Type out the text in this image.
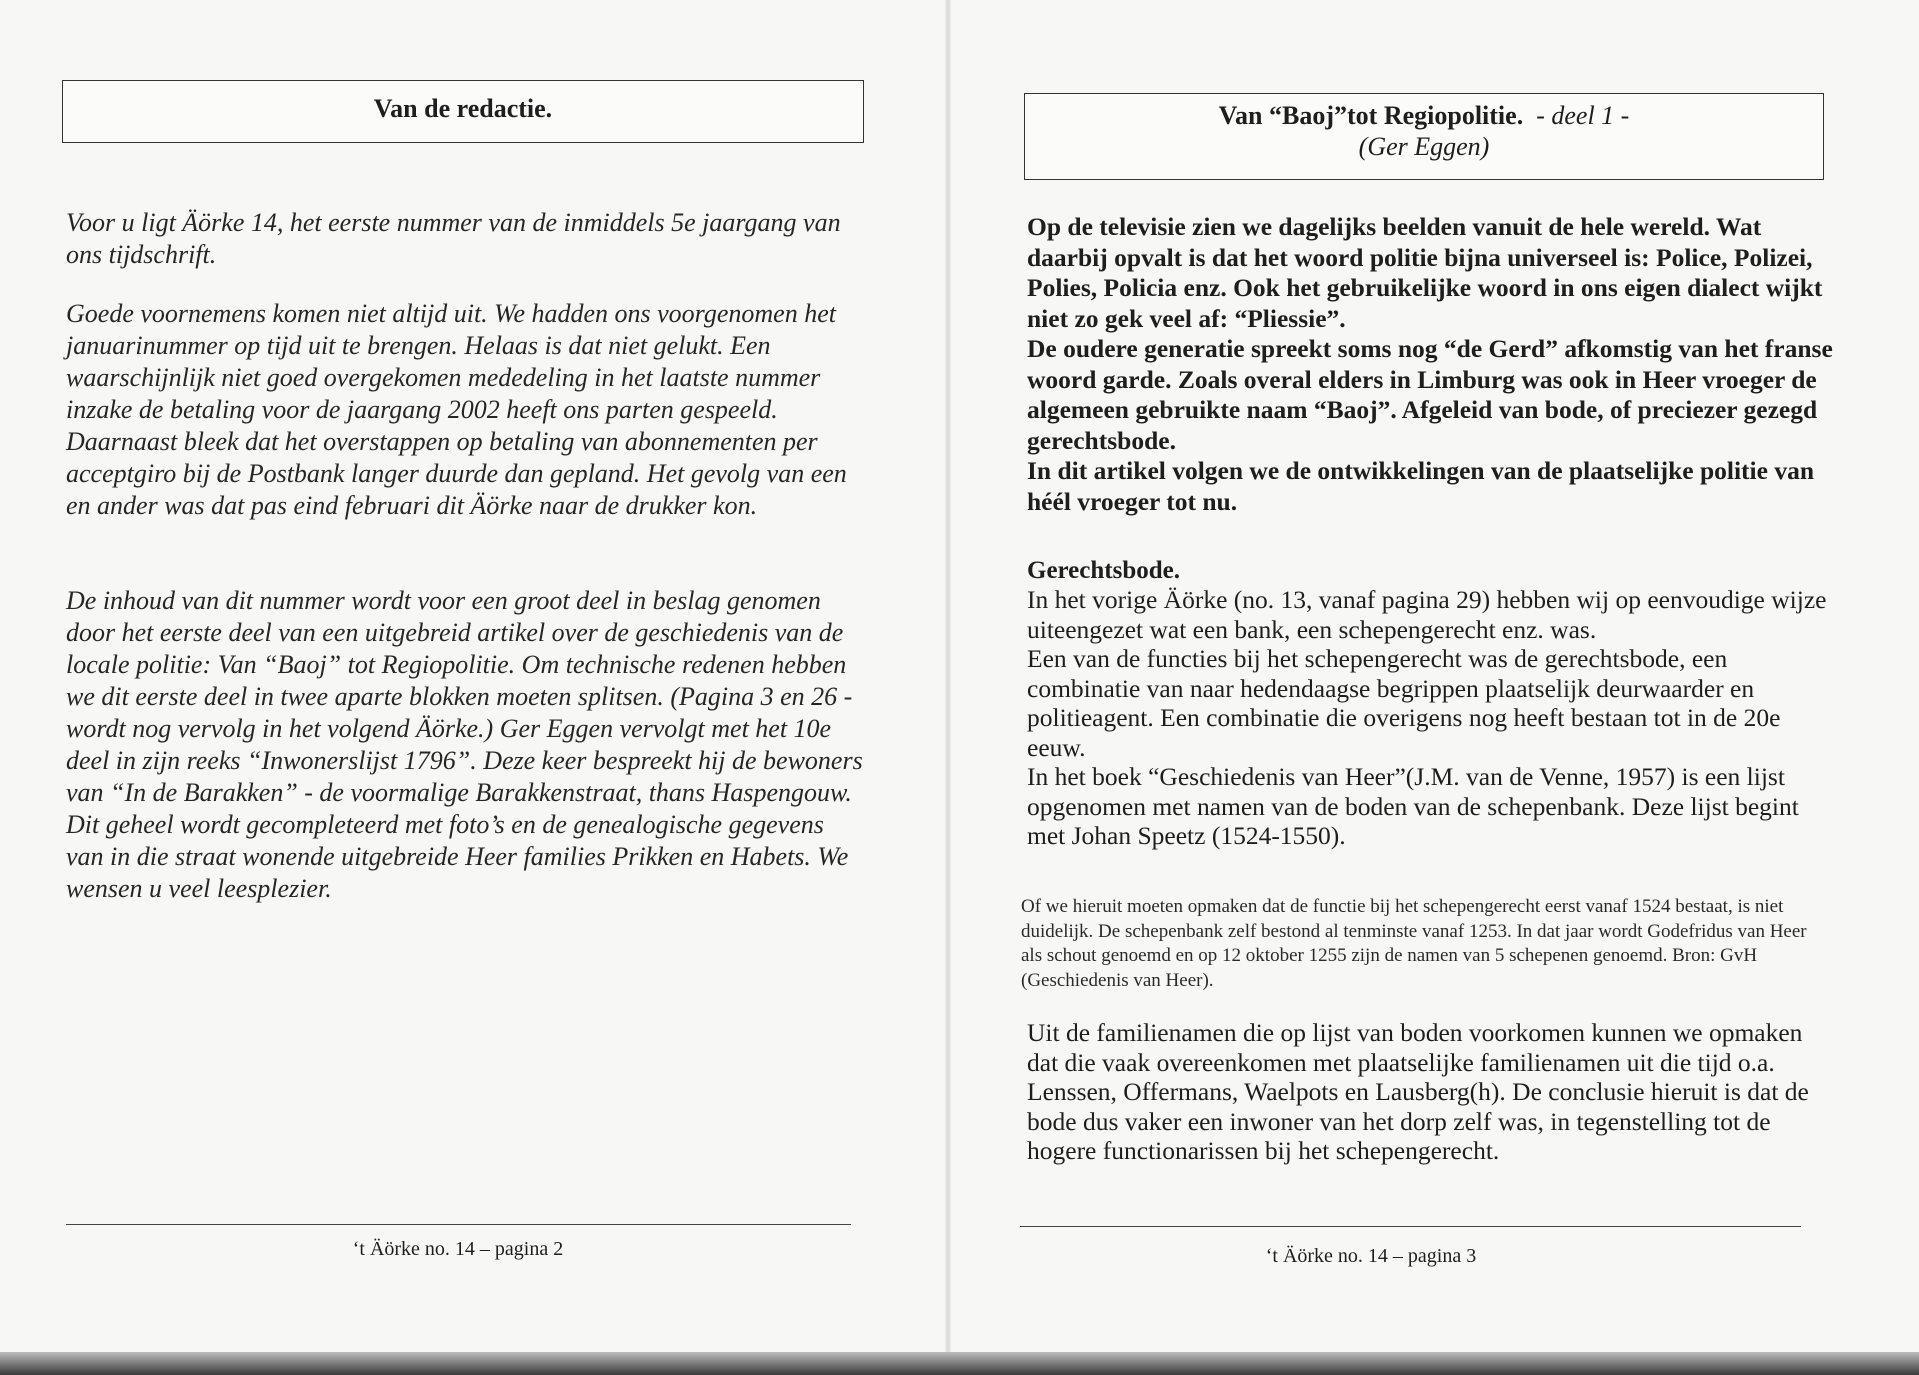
Van de redactie.

Voor u ligt Äörke 14, het eerste nummer van de inmiddels 5e jaargang van ons tijdschrift.

Goede voornemens komen niet altijd uit. We hadden ons voorgenomen het januarinummer op tijd uit te brengen. Helaas is dat niet gelukt. Een waarschijnlijk niet goed overgekomen mededeling in het laatste nummer inzake de betaling voor de jaargang 2002 heeft ons parten gespeeld. Daarnaast bleek dat het overstappen op betaling van abonnementen per acceptgiro bij de Postbank langer duurde dan gepland. Het gevolg van een en ander was dat pas eind februari dit Äörke naar de drukker kon.

De inhoud van dit nummer wordt voor een groot deel in beslag genomen door het eerste deel van een uitgebreid artikel over de geschiedenis van de locale politie: Van “Baoj” tot Regiopolitie. Om technische redenen hebben we dit eerste deel in twee aparte blokken moeten splitsen. (Pagina 3 en 26 - wordt nog vervolg in het volgend Äörke.) Ger Eggen vervolgt met het 10e deel in zijn reeks “Inwonerslijst 1796”. Deze keer bespreekt hij de bewoners van “In de Barakken” - de voormalige Barakkenstraat, thans Haspengouw. Dit geheel wordt gecompleteerd met foto’s en de genealogische gegevens van in die straat wonende uitgebreide Heer families Prikken en Habets. We wensen u veel leesplezier.

‘t Äörke no. 14 – pagina 2
Van “Baoj”tot Regiopolitie. - deel 1 -
(Ger Eggen)

Op de televisie zien we dagelijks beelden vanuit de hele wereld. Wat daarbij opvalt is dat het woord politie bijna universeel is: Police, Polizei, Polies, Policia enz. Ook het gebruikelijke woord in ons eigen dialect wijkt niet zo gek veel af: “Pliessie”.

De oudere generatie spreekt soms nog “de Gerd” afkomstig van het franse woord garde. Zoals overal elders in Limburg was ook in Heer vroeger de algemeen gebruikte naam “Baoj”. Afgeleid van bode, of preciezer gezegd gerechtsbode.

In dit artikel volgen we de ontwikkelingen van de plaatselijke politie van héél vroeger tot nu.

Gerechtsbode.

In het vorige Äörke (no. 13, vanaf pagina 29) hebben wij op eenvoudige wijze uiteengezet wat een bank, een schepengerecht enz. was.

Een van de functies bij het schepengerecht was de gerechtsbode, een combinatie van naar hedendaagse begrippen plaatselijk deurwaarder en politieagent. Een combinatie die overigens nog heeft bestaan tot in de 20e eeuw.

In het boek “Geschiedenis van Heer”(J.M. van de Venne, 1957) is een lijst opgenomen met namen van de boden van de schepenbank. Deze lijst begint met Johan Speetz (1524-1550).

Of we hieruit moeten opmaken dat de functie bij het schepengerecht eerst vanaf 1524 bestaat, is niet duidelijk. De schepenbank zelf bestond al tenminste vanaf 1253. In dat jaar wordt Godefridus van Heer als schout genoemd en op 12 oktober 1255 zijn de namen van 5 schepenen genoemd. Bron: GvH (Geschiedenis van Heer).

Uit de familienamen die op lijst van boden voorkomen kunnen we opmaken dat die vaak overeenkomen met plaatselijke familienamen uit die tijd o.a. Lenssen, Offermans, Waelpots en Lausberg(h). De conclusie hieruit is dat de bode dus vaker een inwoner van het dorp zelf was, in tegenstelling tot de hogere functionarissen bij het schepengerecht.

‘t Äörke no. 14 – pagina 3
